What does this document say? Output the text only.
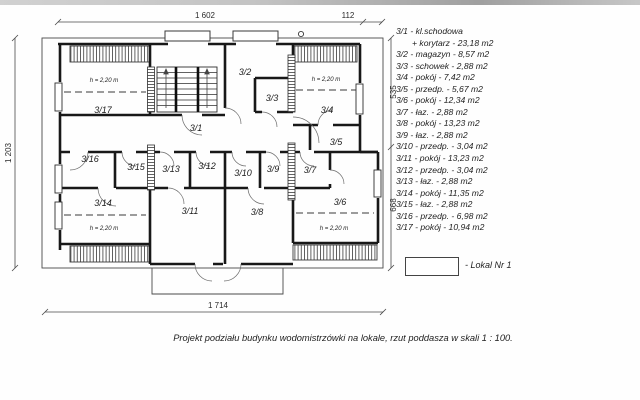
h = 2,20 m	h = 2,20 m
h = 2,20 m	h = 2,20 m
3/1
3/2
3/3
3/4
3/5
3/6
3/7
3/8
3/9
3/10
3/11
3/12
3/13
3/14
3/15
3/16
3/17
1 602	112
1 203
535
668
1 714
3/1 - kl.schodowa
+ korytarz - 23,18 m2
3/2 - magazyn - 8,57 m2
3/3 - schowek - 2,88 m2
3/4 - pokój - 7,42 m2
3/5 - przedp. - 5,67 m2
3/6 - pokój - 12,34 m2
3/7 - łaz. - 2,88 m2
3/8 - pokój - 13,23 m2
3/9 - łaz. - 2,88 m2
3/10 - przedp. - 3,04 m2
3/11 - pokój - 13,23 m2
3/12 - przedp. - 3,04 m2
3/13 - łaz. - 2,88 m2
3/14 - pokój - 11,35 m2
3/15 - łaz. - 2,88 m2
3/16 - przedp. - 6,98 m2
3/17 - pokój - 10,94 m2
- Lokal Nr 1
Projekt podziału budynku wodomistrzówki na lokale, rzut poddasza w skali 1 : 100.
